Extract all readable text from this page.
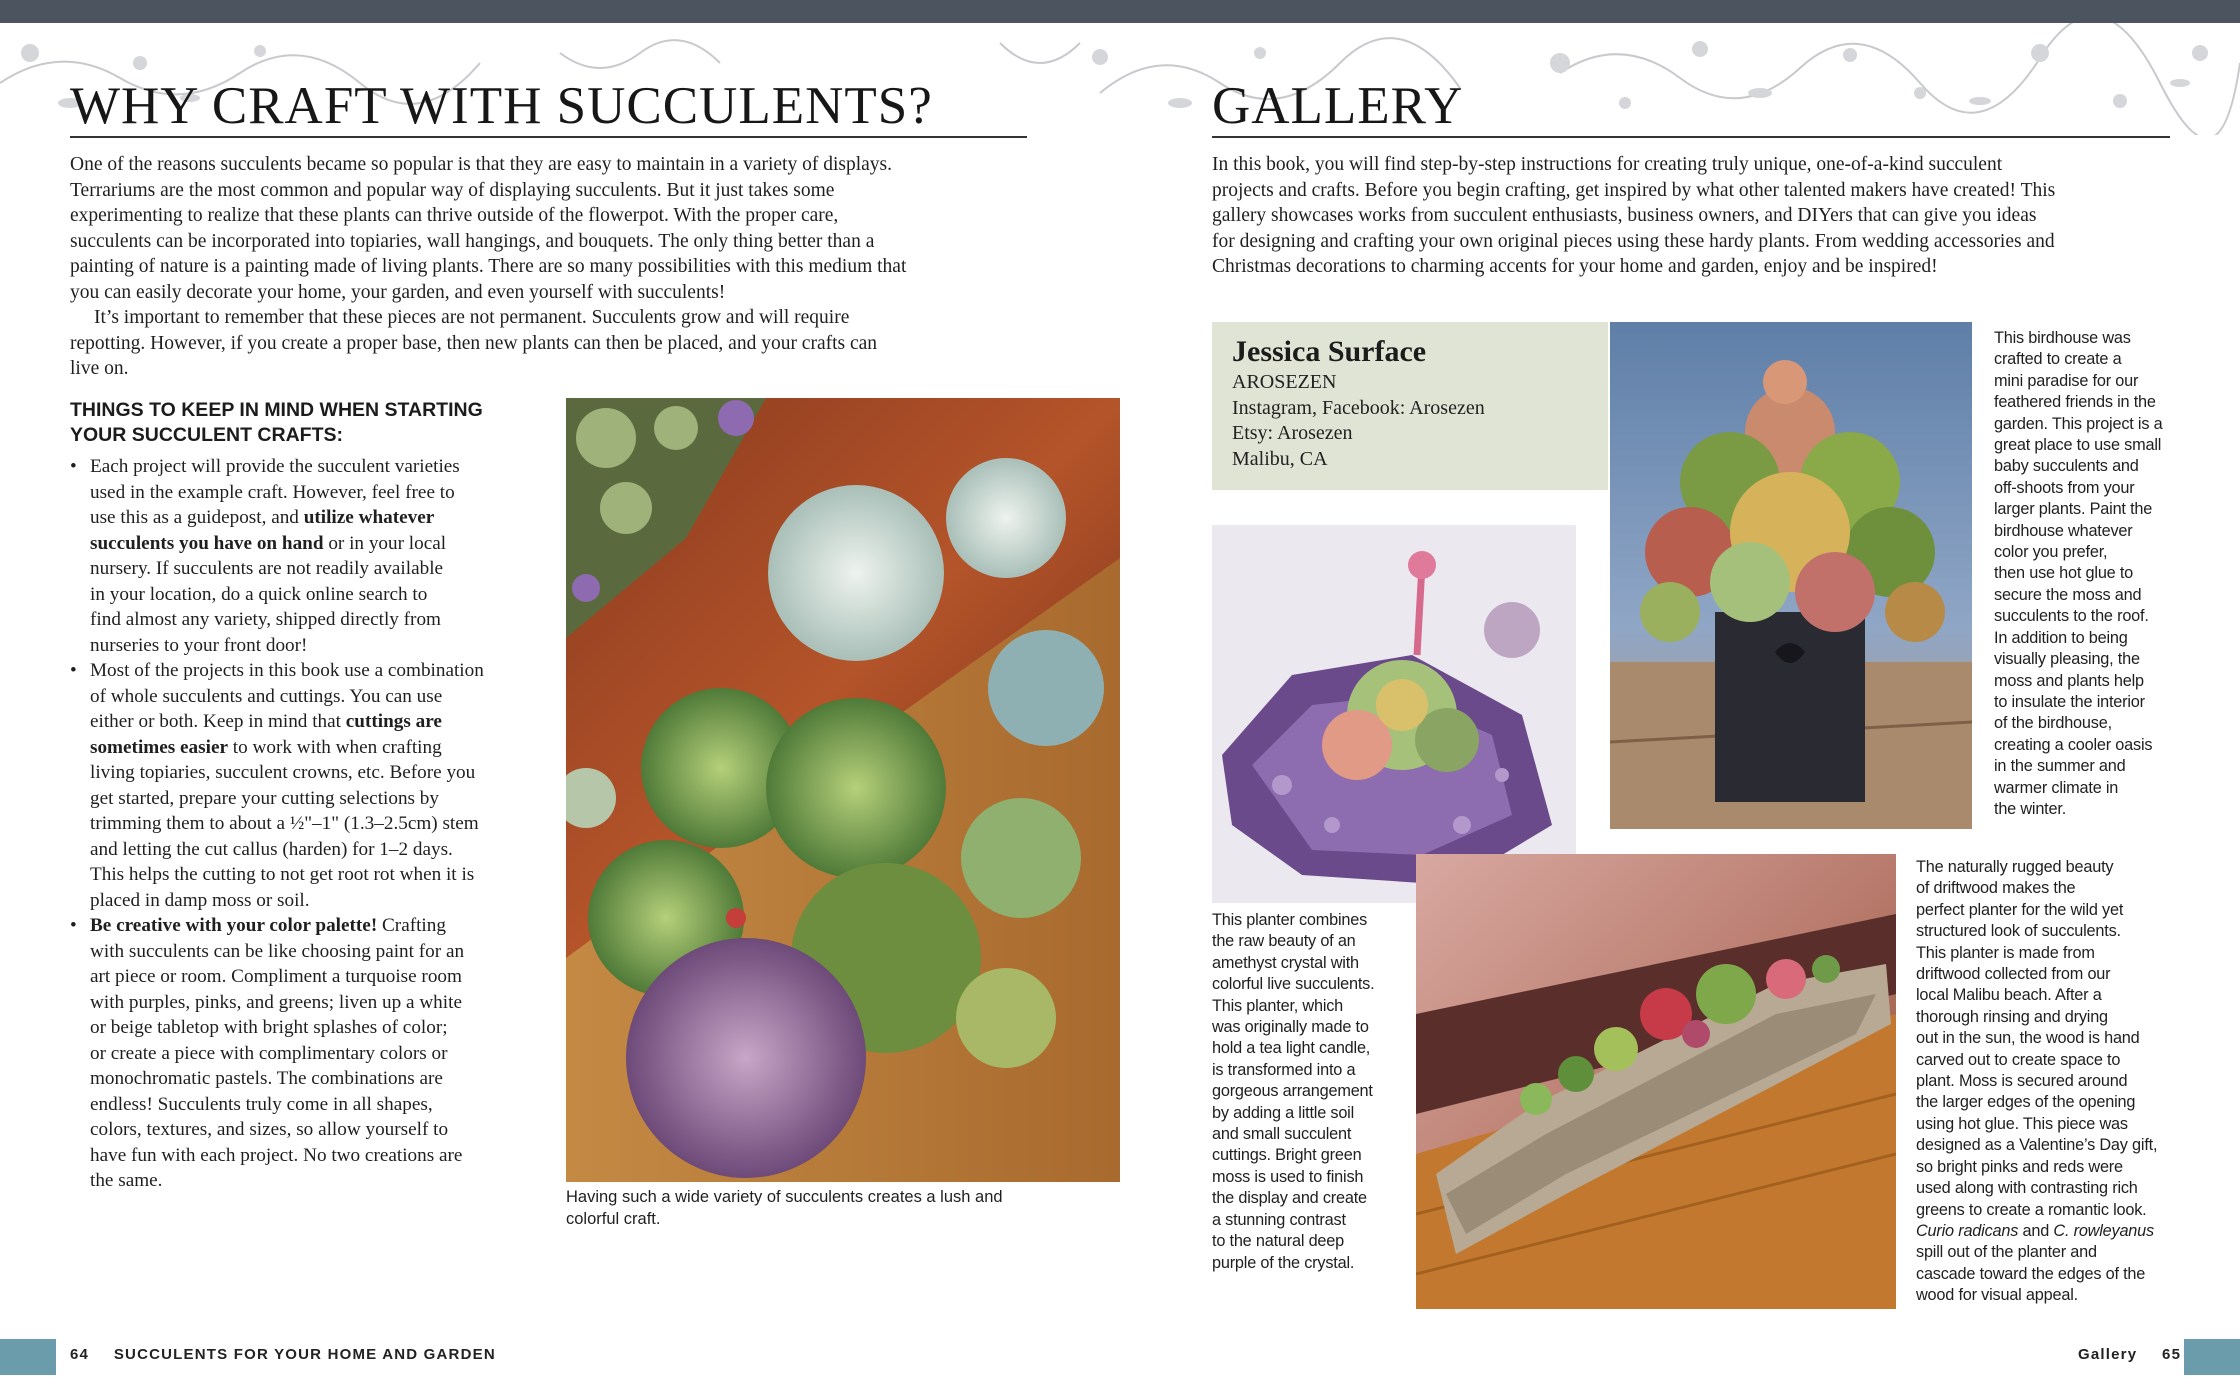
WHY CRAFT WITH SUCCULENTS?
One of the reasons succulents became so popular is that they are easy to maintain in a variety of displays.
Terrariums are the most common and popular way of displaying succulents. But it just takes some
experimenting to realize that these plants can thrive outside of the flowerpot. With the proper care,
succulents can be incorporated into topiaries, wall hangings, and bouquets. The only thing better than a
painting of nature is a painting made of living plants. There are so many possibilities with this medium that
you can easily decorate your home, your garden, and even yourself with succulents!
It’s important to remember that these pieces are not permanent. Succulents grow and will require
repotting. However, if you create a proper base, then new plants can then be placed, and your crafts can
live on.
THINGS TO KEEP IN MIND WHEN STARTING
YOUR SUCCULENT CRAFTS:
• Each project will provide the succulent varieties
used in the example craft. However, feel free to
use this as a guidepost, and utilize whatever
succulents you have on hand or in your local
nursery. If succulents are not readily available
in your location, do a quick online search to
find almost any variety, shipped directly from
nurseries to your front door!
• Most of the projects in this book use a combination
of whole succulents and cuttings. You can use
either or both. Keep in mind that cuttings are
sometimes easier to work with when crafting
living topiaries, succulent crowns, etc. Before you
get started, prepare your cutting selections by
trimming them to about a ½"–1" (1.3–2.5cm) stem
and letting the cut callus (harden) for 1–2 days.
This helps the cutting to not get root rot when it is
placed in damp moss or soil.
• Be creative with your color palette! Crafting
with succulents can be like choosing paint for an
art piece or room. Compliment a turquoise room
with purples, pinks, and greens; liven up a white
or beige tabletop with bright splashes of color;
or create a piece with complimentary colors or
monochromatic pastels. The combinations are
endless! Succulents truly come in all shapes,
colors, textures, and sizes, so allow yourself to
have fun with each project. No two creations are
the same.
Having such a wide variety of succulents creates a lush and
colorful craft.
64 SUCCULENTS FOR YOUR HOME AND GARDEN
GALLERY
In this book, you will find step-by-step instructions for creating truly unique, one-of-a-kind succulent
projects and crafts. Before you begin crafting, get inspired by what other talented makers have created! This
gallery showcases works from succulent enthusiasts, business owners, and DIYers that can give you ideas
for designing and crafting your own original pieces using these hardy plants. From wedding accessories and
Christmas decorations to charming accents for your home and garden, enjoy and be inspired!
Jessica Surface
AROSEZEN
Instagram, Facebook: Arosezen
Etsy: Arosezen
Malibu, CA
This birdhouse was
crafted to create a
mini paradise for our
feathered friends in the
garden. This project is a
great place to use small
baby succulents and
off-shoots from your
larger plants. Paint the
birdhouse whatever
color you prefer,
then use hot glue to
secure the moss and
succulents to the roof.
In addition to being
visually pleasing, the
moss and plants help
to insulate the interior
of the birdhouse,
creating a cooler oasis
in the summer and
warmer climate in
the winter.
This planter combines
the raw beauty of an
amethyst crystal with
colorful live succulents.
This planter, which
was originally made to
hold a tea light candle,
is transformed into a
gorgeous arrangement
by adding a little soil
and small succulent
cuttings. Bright green
moss is used to finish
the display and create
a stunning contrast
to the natural deep
purple of the crystal.
The naturally rugged beauty
of driftwood makes the
perfect planter for the wild yet
structured look of succulents.
This planter is made from
driftwood collected from our
local Malibu beach. After a
thorough rinsing and drying
out in the sun, the wood is hand
carved out to create space to
plant. Moss is secured around
the larger edges of the opening
using hot glue. This piece was
designed as a Valentine’s Day gift,
so bright pinks and reds were
used along with contrasting rich
greens to create a romantic look.
Curio radicans and C. rowleyanus
spill out of the planter and
cascade toward the edges of the
wood for visual appeal.
Gallery 65
